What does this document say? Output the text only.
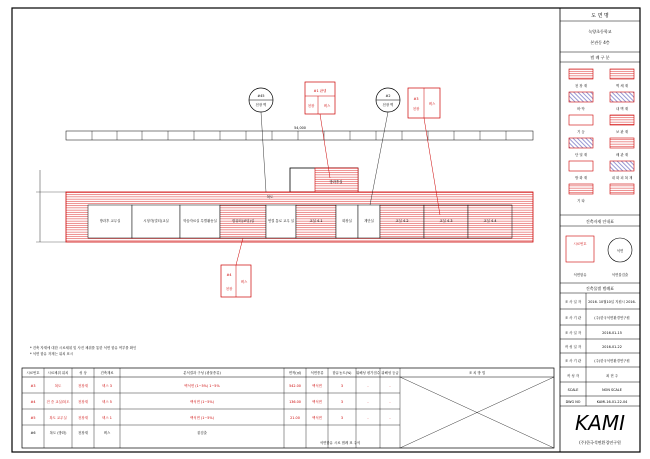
54,000
방과후실
방과후 교무실	시청각(멀티)교실	학습자료실 특별활동실	컴퓨터(코딩)실	연결 통로 교무 실	교실 4-1	화장실	계단실	교실 4-2	교실 4-3	교실 4-4
복도
#45
천장 벽
#2
천장 벽
#1 판넬
천장	텍스
#3
천장
텍스
#4
천장
텍스
* 건축 자재에 대한 시료채취 및 사진 채취를 통한 석면 함유 여부를 확인
* 석면 함유 자재는 위치 표시
시료번호 시료채취 위치	성 상	건축재료	분석결과 구성 (광물종류)	면적(㎡)	석면종류	함유농도(%) 위해성 평가점수 위해성 등급	조 치 방 법
#3	복도	천장재	텍스 3	백석면 (1~5%) 1~5%	542.00	백석면	3	-	-
#4	전 층 교실/복도	천장재	텍스 5	백석면 (1~5%)	136.00	백석면	3	-	-
#5	복도 교무실	천장재	텍스 1	백석면 (1~5%)	21.00	백석면	3	-	-
#6	복도 (방화)	천장재	텍스	불검출
석면함유 시료 범례 표 주석
도 면 명
녹양초등학교
본관동 4층
범 례 구 분
천 장 재	벽 체 재
바 닥	내 벽 재
기 둥	보 판 재
단 열 재	배 관 재
방 화 재	내 화 피 복 재
기 타
건축자재 안내표
시료번호
석면
석면함유	석면불검출
건축물별 범례표
조 사 일 자 2016. 10월10일 지원시 2016-
조 사 기 관	(주)한국석면환경연구원
조 사 일 자	2016-01-15
작 성 일 자	2016-01-22
조 사 기 관	(주)한국석면환경연구원
작 성 자	최 현 주
SCALE	NON SCALE
DWG NO	KAMI-16-01-22-04
KAMI
(주)한국석면환경연구원
